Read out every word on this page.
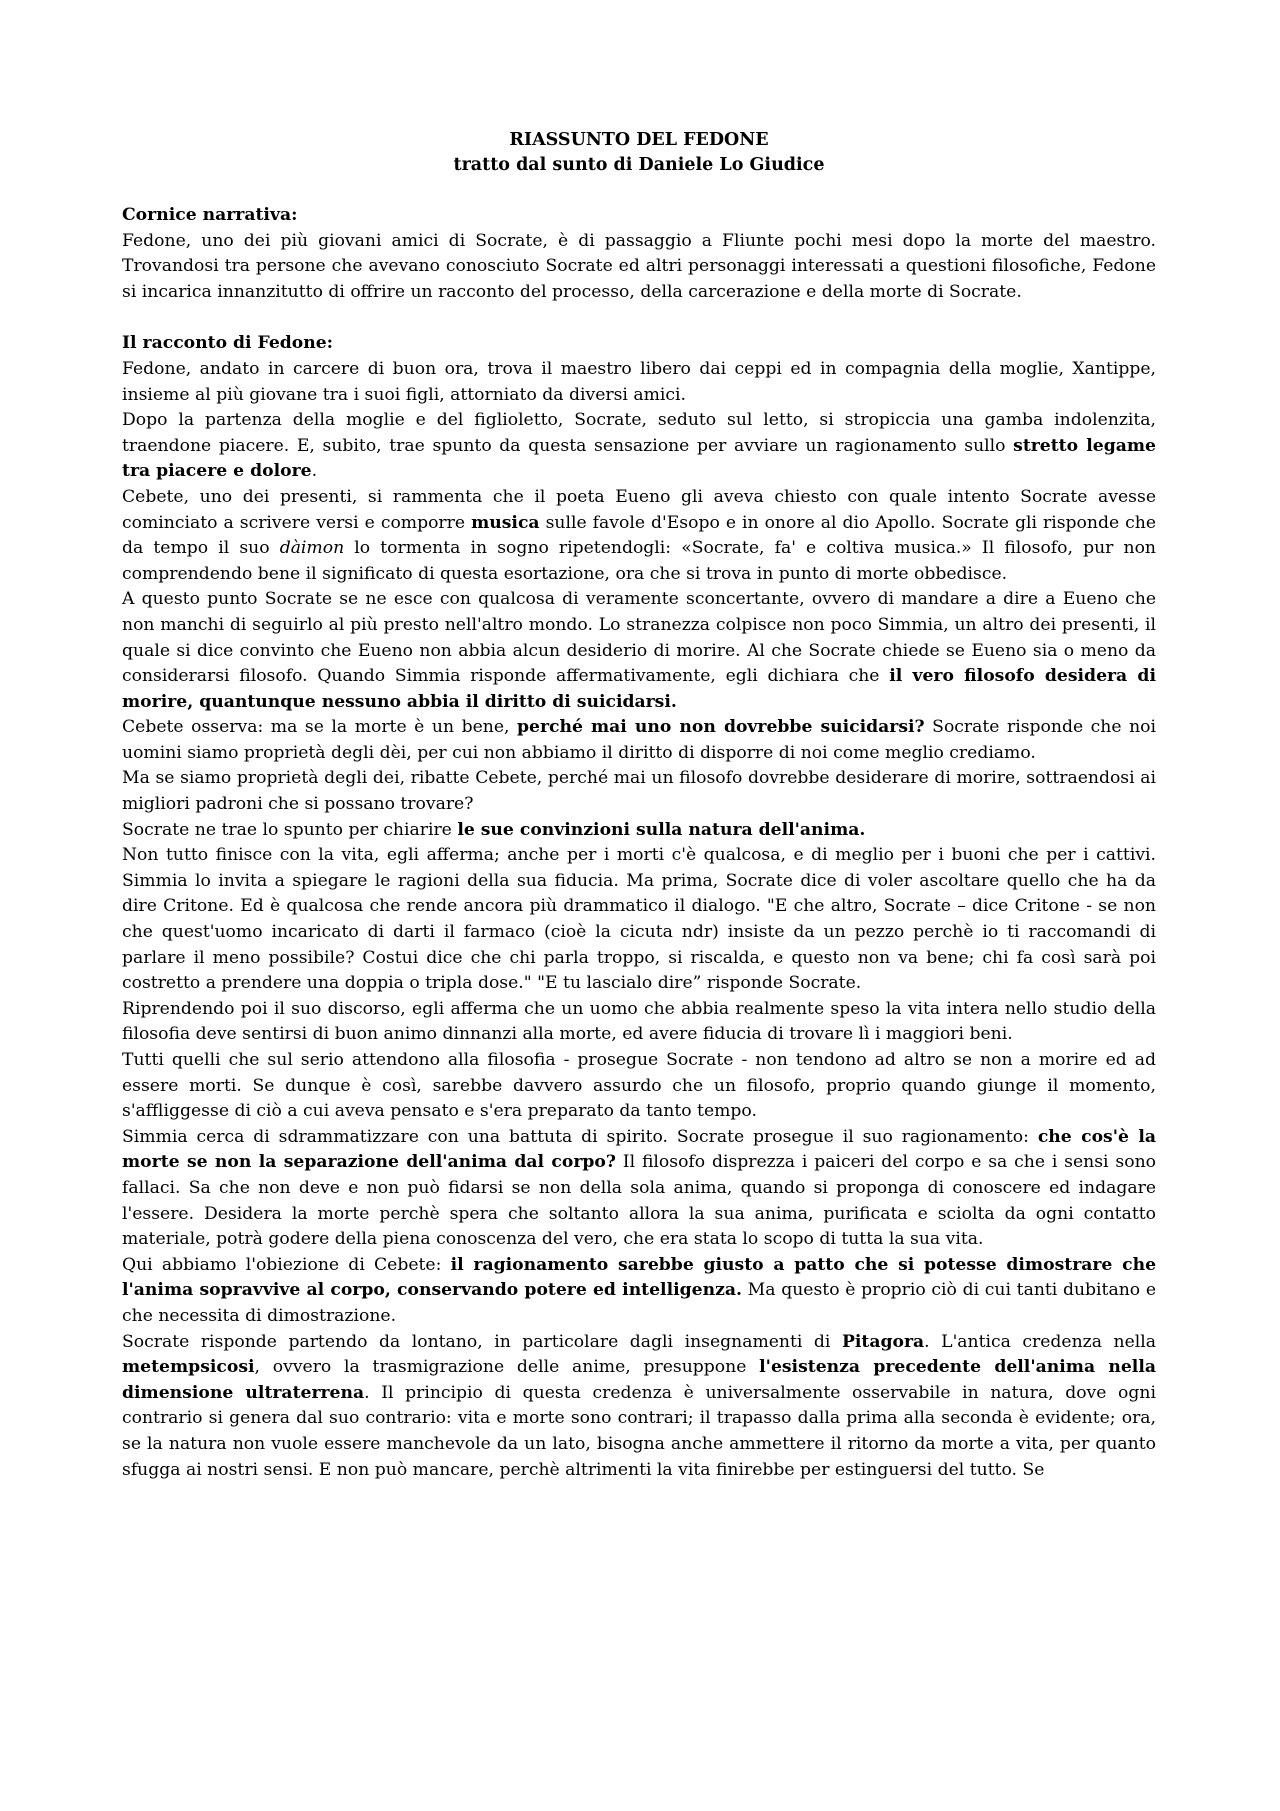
RIASSUNTO DEL FEDONE
tratto dal sunto di Daniele Lo Giudice
Cornice narrativa:

Fedone, uno dei più giovani amici di Socrate, è di passaggio a Fliunte pochi mesi dopo la morte del maestro. Trovandosi tra persone che avevano conosciuto Socrate ed altri personaggi interessati a questioni filosofiche, Fedone si incarica innanzitutto di offrire un racconto del processo, della carcerazione e della morte di Socrate.

Il racconto di Fedone:

Fedone, andato in carcere di buon ora, trova il maestro libero dai ceppi ed in compagnia della moglie, Xantippe, insieme al più giovane tra i suoi figli, attorniato da diversi amici.

Dopo la partenza della moglie e del figlioletto, Socrate, seduto sul letto, si stropiccia una gamba indolenzita, traendone piacere. E, subito, trae spunto da questa sensazione per avviare un ragionamento sullo stretto legame tra piacere e dolore.

Cebete, uno dei presenti, si rammenta che il poeta Eueno gli aveva chiesto con quale intento Socrate avesse cominciato a scrivere versi e comporre musica sulle favole d'Esopo e in onore al dio Apollo. Socrate gli risponde che da tempo il suo dàimon lo tormenta in sogno ripetendogli: «Socrate, fa' e coltiva musica.» Il filosofo, pur non comprendendo bene il significato di questa esortazione, ora che si trova in punto di morte obbedisce.

A questo punto Socrate se ne esce con qualcosa di veramente sconcertante, ovvero di mandare a dire a Eueno che non manchi di seguirlo al più presto nell'altro mondo. Lo stranezza colpisce non poco Simmia, un altro dei presenti, il quale si dice convinto che Eueno non abbia alcun desiderio di morire. Al che Socrate chiede se Eueno sia o meno da considerarsi filosofo. Quando Simmia risponde affermativamente, egli dichiara che il vero filosofo desidera di morire, quantunque nessuno abbia il diritto di suicidarsi.

Cebete osserva: ma se la morte è un bene, perché mai uno non dovrebbe suicidarsi? Socrate risponde che noi uomini siamo proprietà degli dèi, per cui non abbiamo il diritto di disporre di noi come meglio crediamo.

Ma se siamo proprietà degli dei, ribatte Cebete, perché mai un filosofo dovrebbe desiderare di morire, sottraendosi ai migliori padroni che si possano trovare?

Socrate ne trae lo spunto per chiarire le sue convinzioni sulla natura dell'anima.

Non tutto finisce con la vita, egli afferma; anche per i morti c'è qualcosa, e di meglio per i buoni che per i cattivi. Simmia lo invita a spiegare le ragioni della sua fiducia. Ma prima, Socrate dice di voler ascoltare quello che ha da dire Critone. Ed è qualcosa che rende ancora più drammatico il dialogo. "E che altro, Socrate – dice Critone - se non che quest'uomo incaricato di darti il farmaco (cioè la cicuta ndr) insiste da un pezzo perchè io ti raccomandi di parlare il meno possibile? Costui dice che chi parla troppo, si riscalda, e questo non va bene; chi fa così sarà poi costretto a prendere una doppia o tripla dose." "E tu lascialo dire” risponde Socrate.

Riprendendo poi il suo discorso, egli afferma che un uomo che abbia realmente speso la vita intera nello studio della filosofia deve sentirsi di buon animo dinnanzi alla morte, ed avere fiducia di trovare lì i maggiori beni.

Tutti quelli che sul serio attendono alla filosofia - prosegue Socrate - non tendono ad altro se non a morire ed ad essere morti. Se dunque è così, sarebbe davvero assurdo che un filosofo, proprio quando giunge il momento, s'affliggesse di ciò a cui aveva pensato e s'era preparato da tanto tempo.

Simmia cerca di sdrammatizzare con una battuta di spirito. Socrate prosegue il suo ragionamento: che cos'è la morte se non la separazione dell'anima dal corpo? Il filosofo disprezza i paiceri del corpo e sa che i sensi sono fallaci. Sa che non deve e non può fidarsi se non della sola anima, quando si proponga di conoscere ed indagare l'essere. Desidera la morte perchè spera che soltanto allora la sua anima, purificata e sciolta da ogni contatto materiale, potrà godere della piena conoscenza del vero, che era stata lo scopo di tutta la sua vita.

Qui abbiamo l'obiezione di Cebete: il ragionamento sarebbe giusto a patto che si potesse dimostrare che l'anima sopravvive al corpo, conservando potere ed intelligenza. Ma questo è proprio ciò di cui tanti dubitano e che necessita di dimostrazione.

Socrate risponde partendo da lontano, in particolare dagli insegnamenti di Pitagora. L'antica credenza nella metempsicosi, ovvero la trasmigrazione delle anime, presuppone l'esistenza precedente dell'anima nella dimensione ultraterrena. Il principio di questa credenza è universalmente osservabile in natura, dove ogni contrario si genera dal suo contrario: vita e morte sono contrari; il trapasso dalla prima alla seconda è evidente; ora, se la natura non vuole essere manchevole da un lato, bisogna anche ammettere il ritorno da morte a vita, per quanto sfugga ai nostri sensi. E non può mancare, perchè altrimenti la vita finirebbe per estinguersi del tutto. Se
